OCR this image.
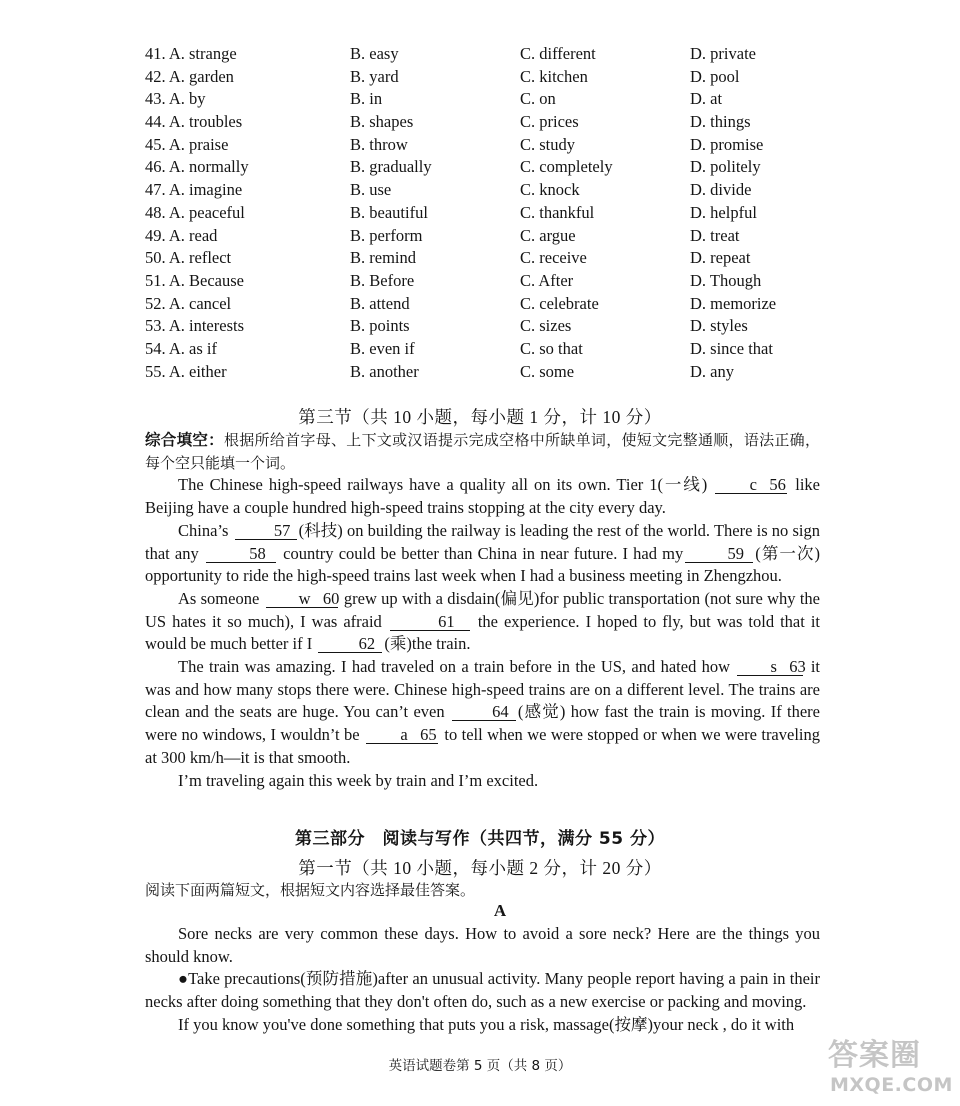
41. A. strange	B. easy	C. different	D. private
42. A. garden	B. yard	C. kitchen	D. pool
43. A. by	B. in	C. on	D. at
44. A. troubles	B. shapes	C. prices	D. things
45. A. praise	B. throw	C. study	D. promise
46. A. normally	B. gradually	C. completely	D. politely
47. A. imagine	B. use	C. knock	D. divide
48. A. peaceful	B. beautiful	C. thankful	D. helpful
49. A. read	B. perform	C. argue	D. treat
50. A. reflect	B. remind	C. receive	D. repeat
51. A. Because	B. Before	C. After	D. Though
52. A. cancel	B. attend	C. celebrate	D. memorize
53. A. interests	B. points	C. sizes	D. styles
54. A. as if	B. even if	C. so that	D. since that
55. A. either	B. another	C. some	D. any
第三节（共 10 小题，每小题 1 分，计 10 分）

综合填空：根据所给首字母、上下文或汉语提示完成空格中所缺单词，使短文完整通顺，语法正确，每个空只能填一个词。

The Chinese high-speed railways have a quality all on its own. Tier 1(一线) c 56 like Beijing have a couple hundred high-speed trains stopping at the city every day.

China’s	57 (科技) on building the railway is leading the rest of the world. There is no sign that any	58 country could be better than China in near future. I had my	59 (第一次) opportunity to ride the high-speed trains last week when I had a business meeting in Zhengzhou.

As someone w 60 grew up with a disdain(偏见)for public transportation (not sure why the US hates it so much), I was afraid	61 the experience. I hoped to fly, but was told that it would be much better if I	62 (乘)the train.

The train was amazing. I had traveled on a train before in the US, and hated how s 63 it was and how many stops there were. Chinese high-speed trains are on a different level. The trains are clean and the seats are huge. You can’t even	64 (感觉) how fast the train is moving. If there were no windows, I wouldn’t be a 65 to tell when we were stopped or when we were traveling at 300 km/h—it is that smooth.

I’m traveling again this week by train and I’m excited.

第三部分　阅读与写作（共四节，满分 55 分）
第一节（共 10 小题，每小题 2 分，计 20 分）

阅读下面两篇短文，根据短文内容选择最佳答案。

A

Sore necks are very common these days. How to avoid a sore neck? Here are the things you should know.

●Take precautions(预防措施)after an unusual activity. Many people report having a pain in their necks after doing something that they don't often do, such as a new exercise or packing and moving.

If you know you've done something that puts you a risk, massage(按摩)your neck , do it with

英语试题卷第 5 页（共 8 页）	答案圈
MXQE.COM
